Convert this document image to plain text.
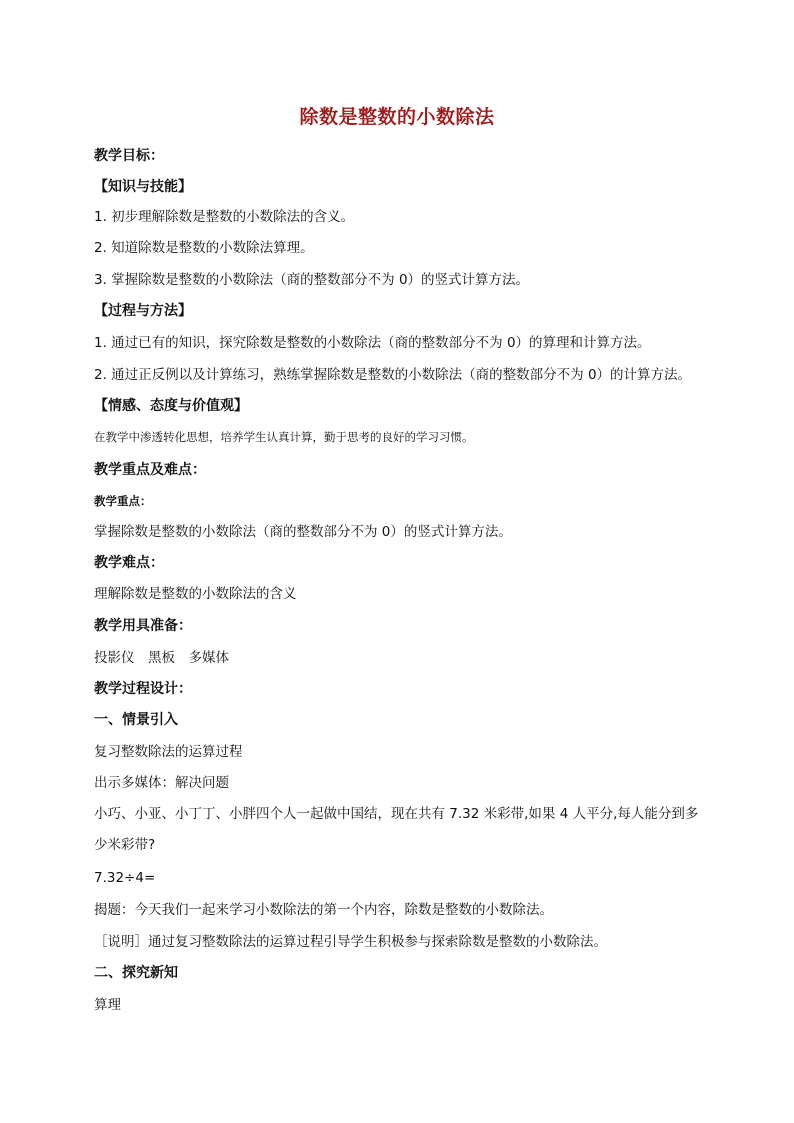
除数是整数的小数除法
教学目标：
【知识与技能】
1. 初步理解除数是整数的小数除法的含义。
2. 知道除数是整数的小数除法算理。
3. 掌握除数是整数的小数除法（商的整数部分不为 0）的竖式计算方法。
【过程与方法】
1. 通过已有的知识，探究除数是整数的小数除法（商的整数部分不为 0）的算理和计算方法。
2. 通过正反例以及计算练习，熟练掌握除数是整数的小数除法（商的整数部分不为 0）的计算方法。
【情感、态度与价值观】
在教学中渗透转化思想，培养学生认真计算，勤于思考的良好的学习习惯。
教学重点及难点：
教学重点：
掌握除数是整数的小数除法（商的整数部分不为 0）的竖式计算方法。
教学难点：
理解除数是整数的小数除法的含义
教学用具准备：
投影仪　黑板　多媒体
教学过程设计：
一、情景引入
复习整数除法的运算过程
出示多媒体：解决问题
小巧、小亚、小丁丁、小胖四个人一起做中国结，现在共有 7.32 米彩带,如果 4 人平分,每人能分到多少米彩带?
7.32÷4=
揭题：今天我们一起来学习小数除法的第一个内容，除数是整数的小数除法。
［说明］通过复习整数除法的运算过程引导学生积极参与探索除数是整数的小数除法。
二、探究新知
算理
